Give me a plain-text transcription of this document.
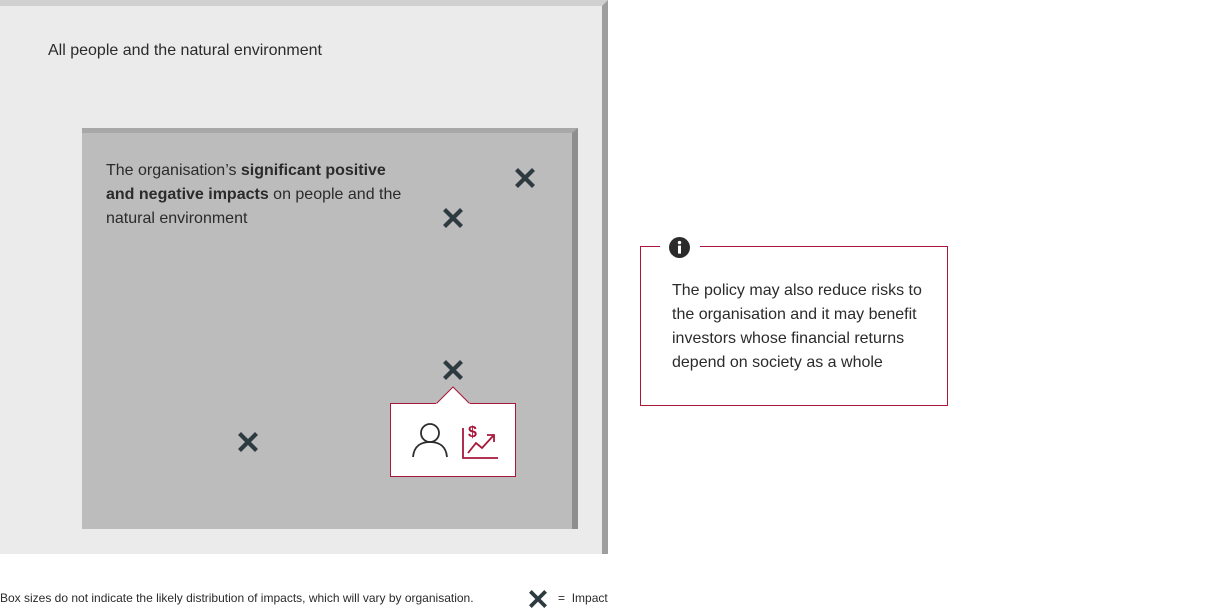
All people and the natural environment
The organisation’s significant positive and negative impacts on people and the natural environment
$
The policy may also reduce risks to the organisation and it may benefit investors whose financial returns depend on society as a whole
Box sizes do not indicate the likely distribution of impacts, which will vary by organisation.	= Impact
